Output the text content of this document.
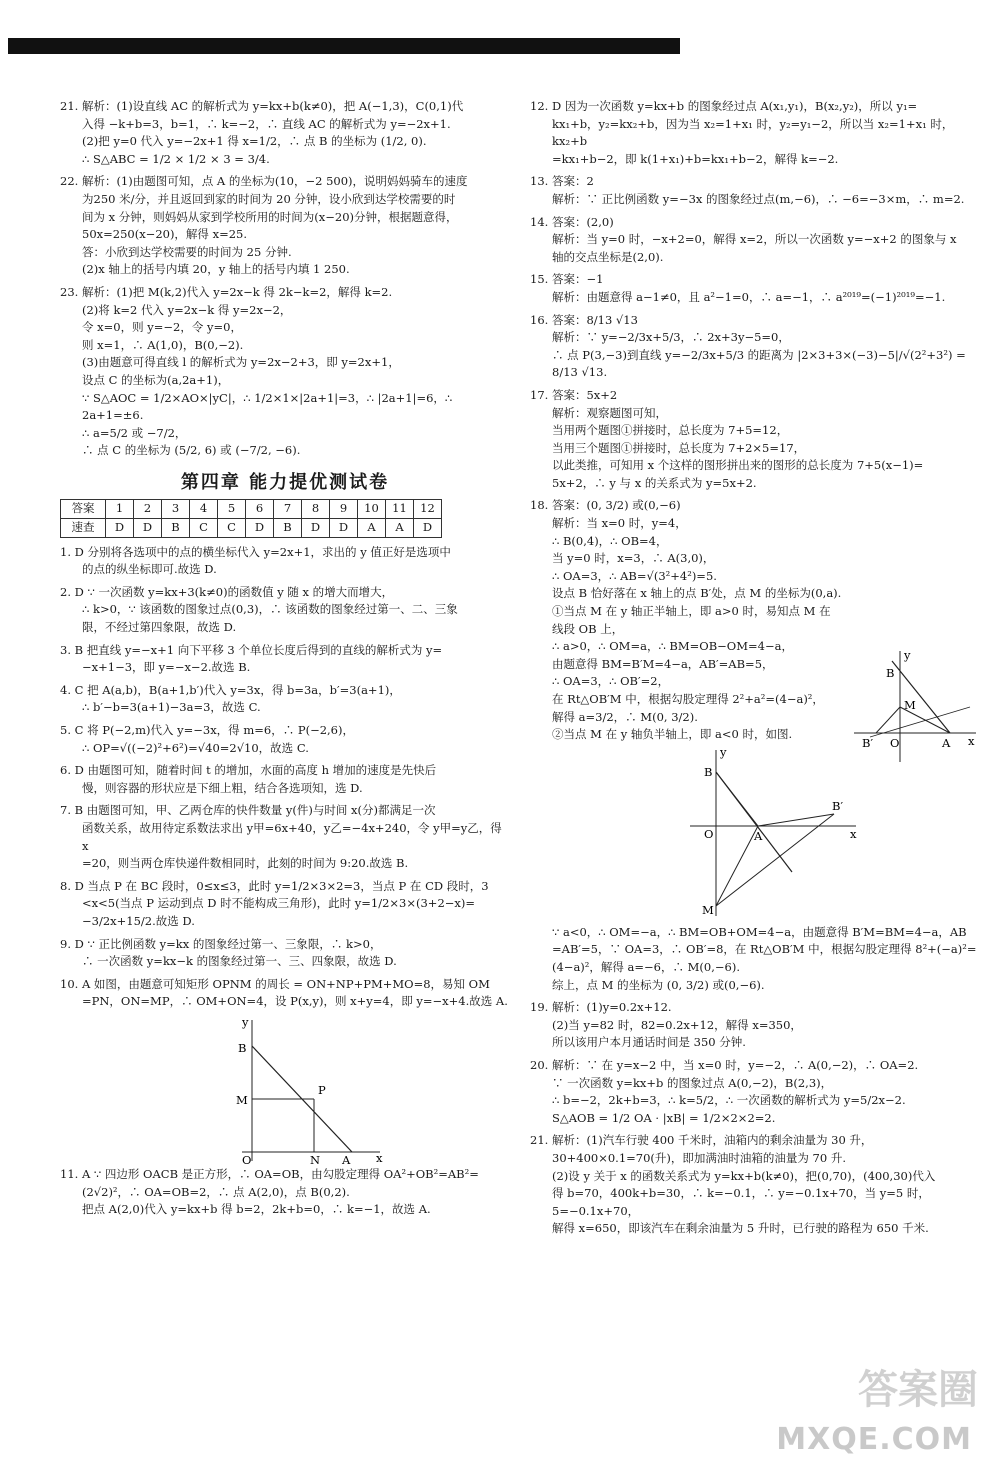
21. 解析：(1)设直线 AC 的解析式为 y=kx+b(k≠0)，把 A(−1,3)，C(0,1)代
入得 −k+b=3，b=1，∴ k=−2，∴ 直线 AC 的解析式为 y=−2x+1.
(2)把 y=0 代入 y=−2x+1 得 x=1/2，∴ 点 B 的坐标为 (1/2, 0).
∴ S△ABC = 1/2 × 1/2 × 3 = 3/4.
22. 解析：(1)由题图可知，点 A 的坐标为(10，−2 500)，说明妈妈骑车的速度
为250 米/分，并且返回到家的时间为 20 分钟，设小欣到达学校需要的时
间为 x 分钟，则妈妈从家到学校所用的时间为(x−20)分钟，根据题意得，
50x=250(x−20)，解得 x=25.
答：小欣到达学校需要的时间为 25 分钟.
(2)x 轴上的括号内填 20，y 轴上的括号内填 1 250.
23. 解析：(1)把 M(k,2)代入 y=2x−k 得 2k−k=2，解得 k=2.
(2)将 k=2 代入 y=2x−k 得 y=2x−2，
令 x=0，则 y=−2，令 y=0，
则 x=1，∴ A(1,0)，B(0,−2).
(3)由题意可得直线 l 的解析式为 y=2x−2+3，即 y=2x+1，
设点 C 的坐标为(a,2a+1)，
∵ S△AOC = 1/2×AO×|yC|，∴ 1/2×1×|2a+1|=3，∴ |2a+1|=6，∴ 2a+1=±6.
∴ a=5/2 或 −7/2，
∴ 点 C 的坐标为 (5/2, 6) 或 (−7/2, −6).
第四章 能力提优测试卷
答案	1	2	3	4	5	6	7	8	9	10	11	12
速查	D	D	B	C	C	D	B	D	D	A	A	D
1. D 分别将各选项中的点的横坐标代入 y=2x+1，求出的 y 值正好是选项中
的点的纵坐标即可.故选 D.
2. D ∵ 一次函数 y=kx+3(k≠0)的函数值 y 随 x 的增大而增大，
∴ k>0，∵ 该函数的图象过点(0,3)，∴ 该函数的图象经过第一、二、三象
限，不经过第四象限，故选 D.
3. B 把直线 y=−x+1 向下平移 3 个单位长度后得到的直线的解析式为 y=
−x+1−3，即 y=−x−2.故选 B.
4. C 把 A(a,b)，B(a+1,b′)代入 y=3x，得 b=3a，b′=3(a+1)，
∴ b′−b=3(a+1)−3a=3，故选 C.
5. C 将 P(−2,m)代入 y=−3x，得 m=6，∴ P(−2,6)，
∴ OP=√((−2)²+6²)=√40=2√10，故选 C.
6. D 由题图可知，随着时间 t 的增加，水面的高度 h 增加的速度是先快后
慢，则容器的形状应是下细上粗，结合各选项知，选 D.
7. B 由题图可知，甲、乙两仓库的快件数量 y(件)与时间 x(分)都满足一次
函数关系，故用待定系数法求出 y甲=6x+40，y乙=−4x+240，令 y甲=y乙，得 x
=20，则当两仓库快递件数相同时，此刻的时间为 9:20.故选 B.
8. D 当点 P 在 BC 段时，0≤x≤3，此时 y=1/2×3×2=3，当点 P 在 CD 段时，3
<x<5(当点 P 运动到点 D 时不能构成三角形)，此时 y=1/2×3×(3+2−x)=
−3/2x+15/2.故选 D.
9. D ∵ 正比例函数 y=kx 的图象经过第一、三象限，∴ k>0，
∴ 一次函数 y=kx−k 的图象经过第一、三、四象限，故选 D.
10. A 如图，由题意可知矩形 OPNM 的周长 = ON+NP+PM+MO=8，易知 OM
=PN，ON=MP，∴ OM+ON=4，设 P(x,y)，则 x+y=4，即 y=−x+4.故选 A.
y
B
M
P
O	N A x
11. A ∵ 四边形 OACB 是正方形，∴ OA=OB，由勾股定理得 OA²+OB²=AB²=
(2√2)²，∴ OA=OB=2，∴ 点 A(2,0)，点 B(0,2).
把点 A(2,0)代入 y=kx+b 得 b=2，2k+b=0，∴ k=−1，故选 A.
12. D 因为一次函数 y=kx+b 的图象经过点 A(x₁,y₁)，B(x₂,y₂)，所以 y₁=
kx₁+b，y₂=kx₂+b，因为当 x₂=1+x₁ 时，y₂=y₁−2，所以当 x₂=1+x₁ 时，kx₂+b
=kx₁+b−2，即 k(1+x₁)+b=kx₁+b−2，解得 k=−2.
13. 答案：2
解析：∵ 正比例函数 y=−3x 的图象经过点(m,−6)，∴ −6=−3×m，∴ m=2.
14. 答案：(2,0)
解析：当 y=0 时，−x+2=0，解得 x=2，所以一次函数 y=−x+2 的图象与 x
轴的交点坐标是(2,0).
15. 答案：−1
解析：由题意得 a−1≠0，且 a²−1=0，∴ a=−1，∴ a²⁰¹⁹=(−1)²⁰¹⁹=−1.
16. 答案：8/13 √13
解析：∵ y=−2/3x+5/3，∴ 2x+3y−5=0，
∴ 点 P(3,−3)到直线 y=−2/3x+5/3 的距离为 |2×3+3×(−3)−5|/√(2²+3²) = 8/13 √13.
17. 答案：5x+2
解析：观察题图可知，
当用两个题图①拼接时，总长度为 7+5=12，
当用三个题图①拼接时，总长度为 7+2×5=17，
以此类推，可知用 x 个这样的图形拼出来的图形的总长度为 7+5(x−1)=
5x+2，∴ y 与 x 的关系式为 y=5x+2.
18. 答案：(0, 3/2) 或(0,−6)
解析：当 x=0 时，y=4，
∴ B(0,4)，∴ OB=4，
当 y=0 时，x=3，∴ A(3,0)，
∴ OA=3，∴ AB=√(3²+4²)=5.
设点 B 恰好落在 x 轴上的点 B′处，点 M 的坐标为(0,a).
①当点 M 在 y 轴正半轴上，即 a>0 时，易知点 M 在
线段 OB 上，
∴ a>0，∴ OM=a，∴ BM=OB−OM=4−a，
由题意得 BM=B′M=4−a，AB′=AB=5，
∴ OA=3，∴ OB′=2，
在 Rt△OB′M 中，根据勾股定理得 2²+a²=(4−a)²，
解得 a=3/2，∴ M(0, 3/2).
②当点 M 在 y 轴负半轴上，即 a<0 时，如图.
y
B
M
B′ O	A x
y
B
B′
O	A	x
M
∵ a<0，∴ OM=−a，∴ BM=OB+OM=4−a，由题意得 B′M=BM=4−a，AB
=AB′=5，∵ OA=3，∴ OB′=8，在 Rt△OB′M 中，根据勾股定理得 8²+(−a)²=
(4−a)²，解得 a=−6，∴ M(0,−6).
综上，点 M 的坐标为 (0, 3/2) 或(0,−6).
19. 解析：(1)y=0.2x+12.
(2)当 y=82 时，82=0.2x+12，解得 x=350，
所以该用户本月通话时间是 350 分钟.
20. 解析：∵ 在 y=x−2 中，当 x=0 时，y=−2，∴ A(0,−2)，∴ OA=2.
∵ 一次函数 y=kx+b 的图象过点 A(0,−2)，B(2,3)，
∴ b=−2，2k+b=3，∴ k=5/2，∴ 一次函数的解析式为 y=5/2x−2.
S△AOB = 1/2 OA · |xB| = 1/2×2×2=2.
21. 解析：(1)汽车行驶 400 千米时，油箱内的剩余油量为 30 升，
30+400×0.1=70(升)，即加满油时油箱的油量为 70 升.
(2)设 y 关于 x 的函数关系式为 y=kx+b(k≠0)，把(0,70)，(400,30)代入
得 b=70，400k+b=30，∴ k=−0.1，∴ y=−0.1x+70，当 y=5 时，5=−0.1x+70，
解得 x=650，即该汽车在剩余油量为 5 升时，已行驶的路程为 650 千米.
答案圈
MXQE.COM
